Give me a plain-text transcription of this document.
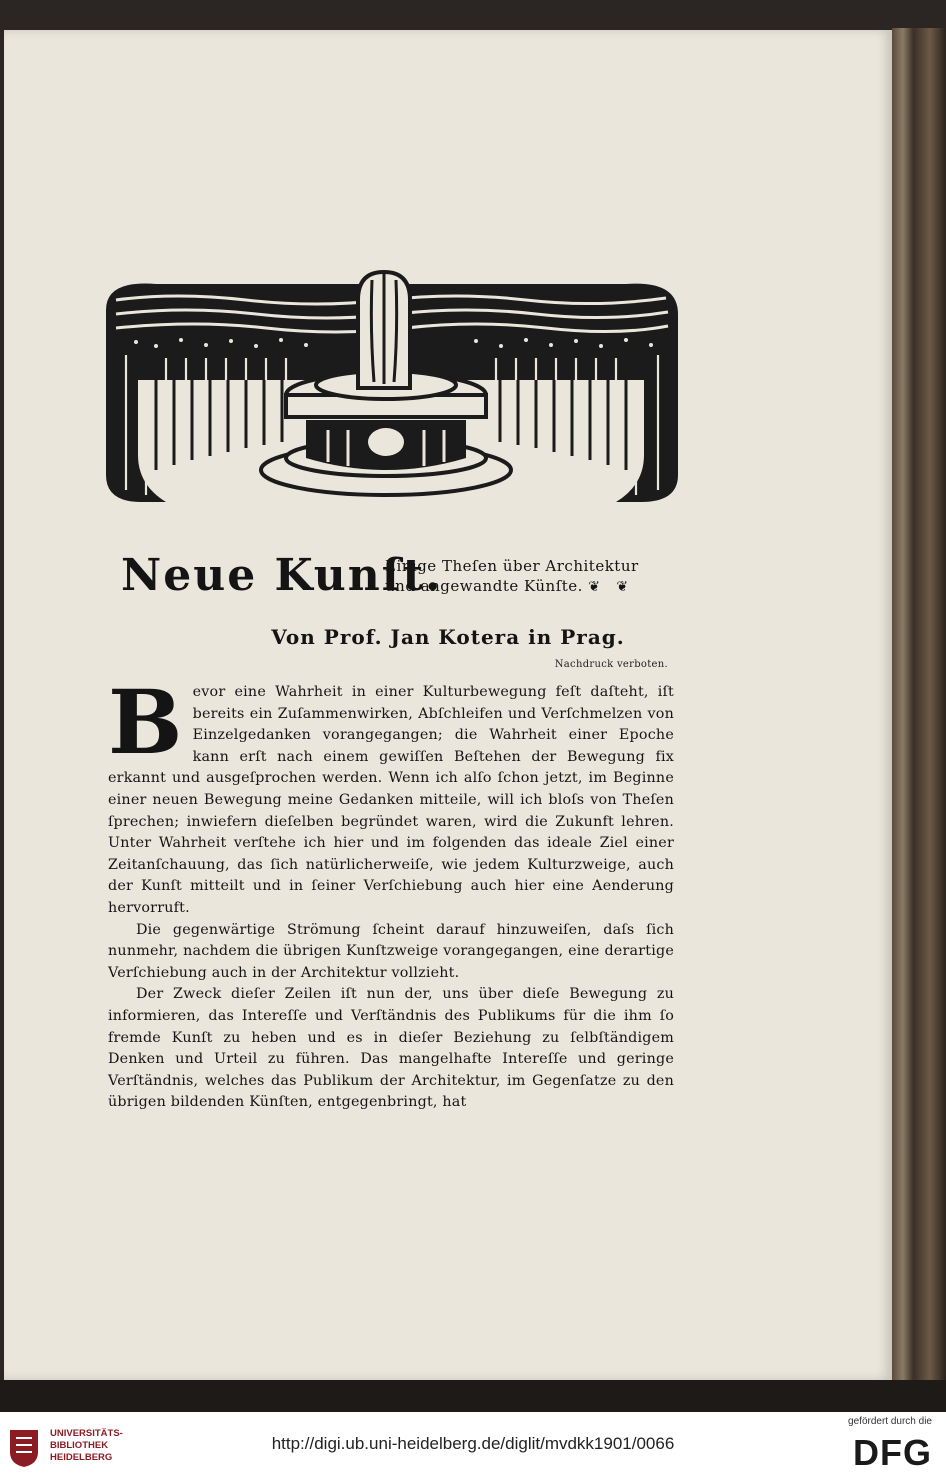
Neue Kunſt.
Einige Theſen über Architektur
und angewandte Künſte. ❦ ❦
Von Prof. Jan Kotera in Prag.
Nachdruck verboten.

Bevor eine Wahrheit in einer Kulturbewegung feſt daſteht, iſt bereits ein Zuſammenwirken, Abſchleifen und Verſchmelzen von Einzelgedanken vorangegangen; die Wahrheit einer Epoche kann erſt nach einem gewiſſen Beſtehen der Bewegung fix erkannt und ausgeſprochen werden. Wenn ich alſo ſchon jetzt, im Beginne einer neuen Bewegung meine Gedanken mitteile, will ich bloſs von Theſen ſprechen; inwiefern dieſelben begründet waren, wird die Zukunft lehren. Unter Wahrheit verſtehe ich hier und im folgenden das ideale Ziel einer Zeitanſchauung, das ſich natürlicherweiſe, wie jedem Kulturzweige, auch der Kunſt mitteilt und in ſeiner Verſchiebung auch hier eine Aenderung hervorruft.

Die gegenwärtige Strömung ſcheint darauf hinzuweiſen, daſs ſich nunmehr, nachdem die übrigen Kunſtzweige vorangegangen, eine derartige Verſchiebung auch in der Architektur vollzieht.

Der Zweck dieſer Zeilen iſt nun der, uns über dieſe Bewegung zu informieren, das Intereſſe und Verſtändnis des Publikums für die ihm ſo fremde Kunſt zu heben und es in dieſer Beziehung zu ſelbſtändigem Denken und Urteil zu führen. Das mangelhafte Intereſſe und geringe Verſtändnis, welches das Publikum der Architektur, im Gegenſatze zu den übrigen bildenden Künſten, entgegenbringt, hat

UNIVERSITÄTS-
BIBLIOTHEK
HEIDELBERG
http://digi.ub.uni-heidelberg.de/diglit/mvdkk1901/0066
gefördert durch die
DFG
